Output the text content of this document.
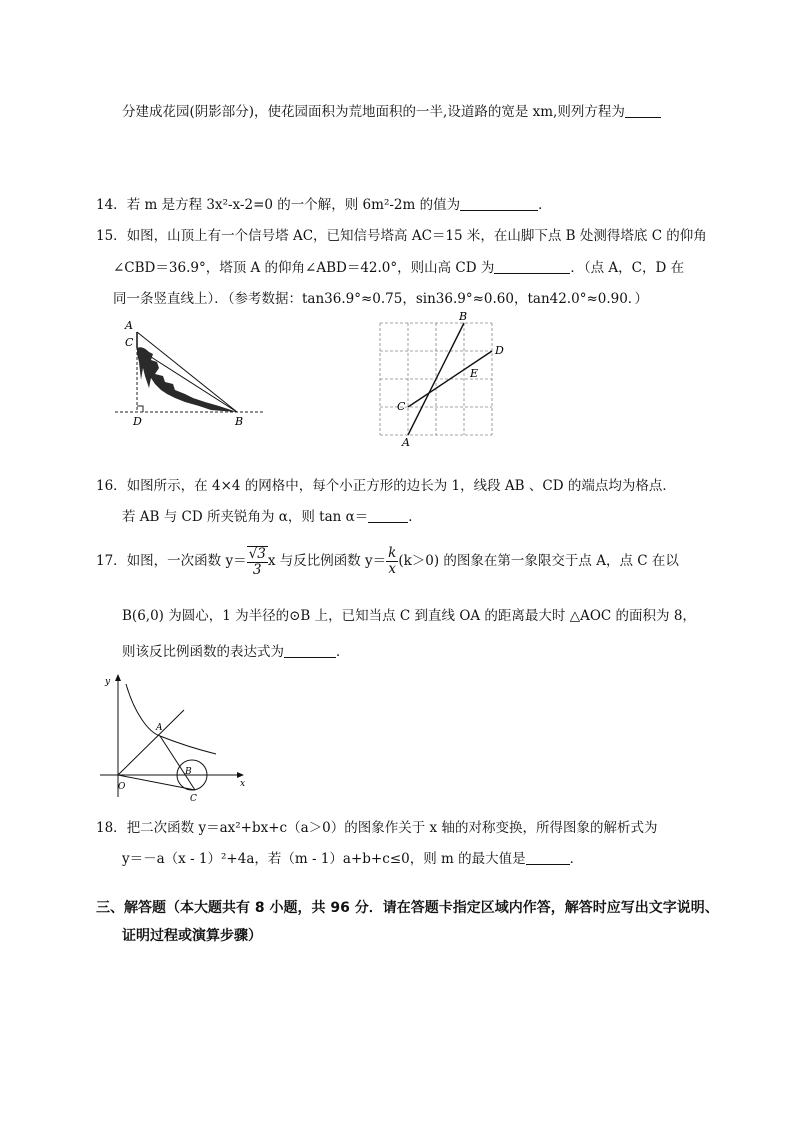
分建成花园(阴影部分)，使花园面积为荒地面积的一半,设道路的宽是 xm,则列方程为
14．若 m 是方程 3x²-x-2=0 的一个解，则 6m²-2m 的值为	．
15．如图，山顶上有一个信号塔 AC，已知信号塔高 AC＝15 米，在山脚下点 B 处测得塔底 C 的仰角
∠CBD＝36.9°，塔顶 A 的仰角∠ABD＝42.0°，则山高 CD 为	．（点 A，C，D 在
同一条竖直线上）．（参考数据：tan36.9°≈0.75，sin36.9°≈0.60，tan42.0°≈0.90．）
A
C
D	B
A
B
C
D
E
16．如图所示，在 4×4 的网格中，每个小正方形的边长为 1，线段 AB 、CD 的端点均为格点．
若 AB 与 CD 所夹锐角为 α，则 tan α＝	．
17．如图，一次函数 $y= \frac{√3}{3}$ x 与反比例函数 $y= \frac{k}{x} (k>0)$ 的图象在第一象限交于点 A，点 C 在以
B(6,0) 为圆心，1 为半径的⊙B 上，已知当点 C 到直线 OA 的距离最大时 △AOC 的面积为 8，
则该反比例函数的表达式为	．
y
x
O
A
B
C
18．把二次函数 y＝ax²+bx+c（a＞0）的图象作关于 x 轴的对称变换，所得图象的解析式为
y＝－a（x - 1）²+4a，若（m - 1）a+b+c≤0，则 m 的最大值是	．
三、解答题（本大题共有 8 小题，共 96 分．请在答题卡指定区域内作答，解答时应写出文字说明、
证明过程或演算步骤）
